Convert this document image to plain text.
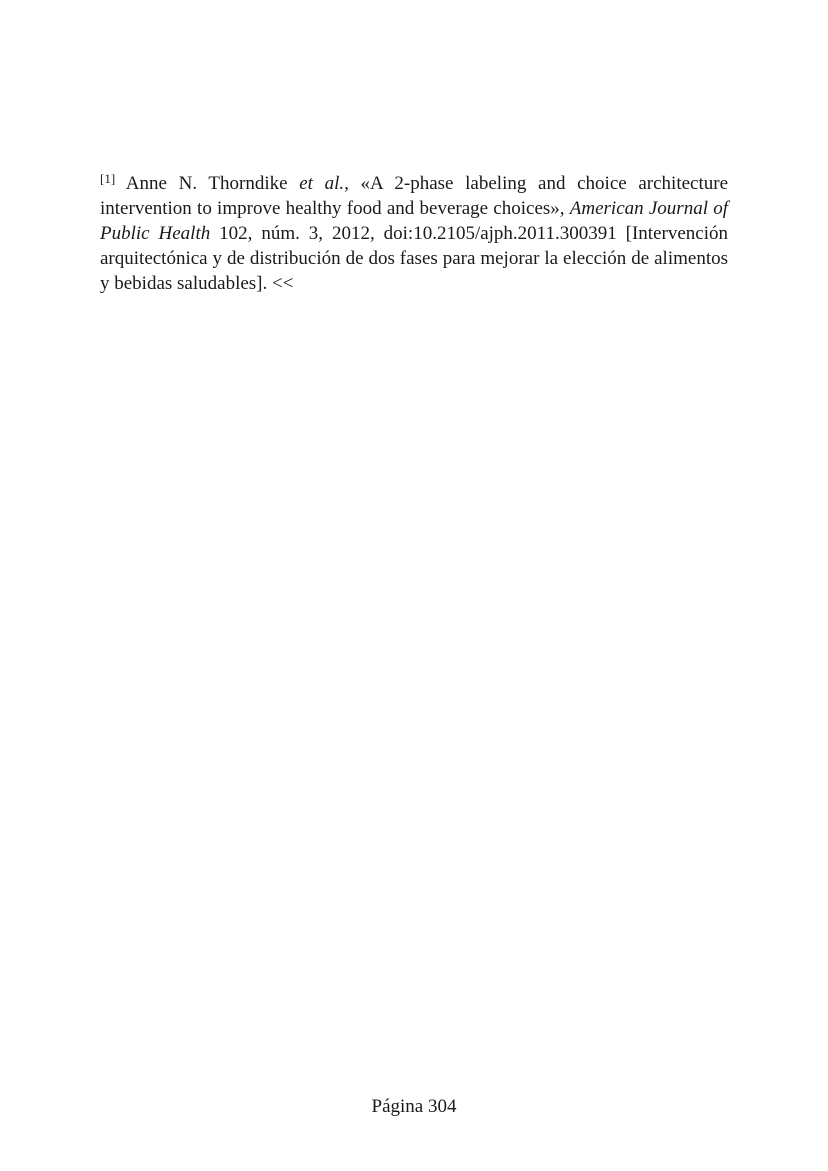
[1] Anne N. Thorndike et al., «A 2-phase labeling and choice architecture intervention to improve healthy food and beverage choices», American Journal of Public Health 102, núm. 3, 2012, doi:10.2105/ajph.2011.300391 [Intervención arquitectónica y de distribución de dos fases para mejorar la elección de alimentos y bebidas saludables]. <<

Página 304
